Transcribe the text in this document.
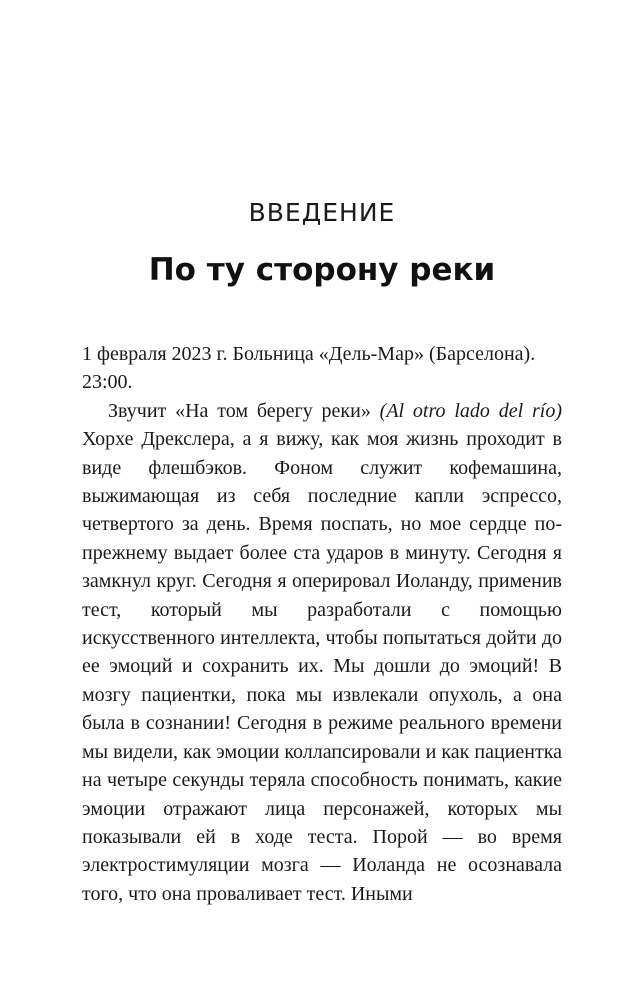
ВВЕДЕНИЕ
По ту сторону реки

1 февраля 2023 г. Больница «Дель-Мар» (Барселона).
23:00.

Звучит «На том берегу реки» (Al otro lado del río) Хорхе Дрекслера, а я вижу, как моя жизнь проходит в виде флешбэков. Фоном служит кофемашина, выжимающая из себя последние капли эспрессо, четвертого за день. Время поспать, но мое сердце по-прежнему выдает более ста ударов в минуту. Сегодня я замкнул круг. Сегодня я оперировал Иоланду, применив тест, который мы разработали с помощью искусственного интеллекта, чтобы попытаться дойти до ее эмоций и сохранить их. Мы дошли до эмоций! В мозгу пациентки, пока мы извлекали опухоль, а она была в сознании! Сегодня в режиме реального времени мы видели, как эмоции коллапсировали и как пациентка на четыре секунды теряла способность понимать, какие эмоции отражают лица персонажей, которых мы показывали ей в ходе теста. Порой — во время электростимуляции мозга — Иоланда не осознавала того, что она проваливает тест. Иными
